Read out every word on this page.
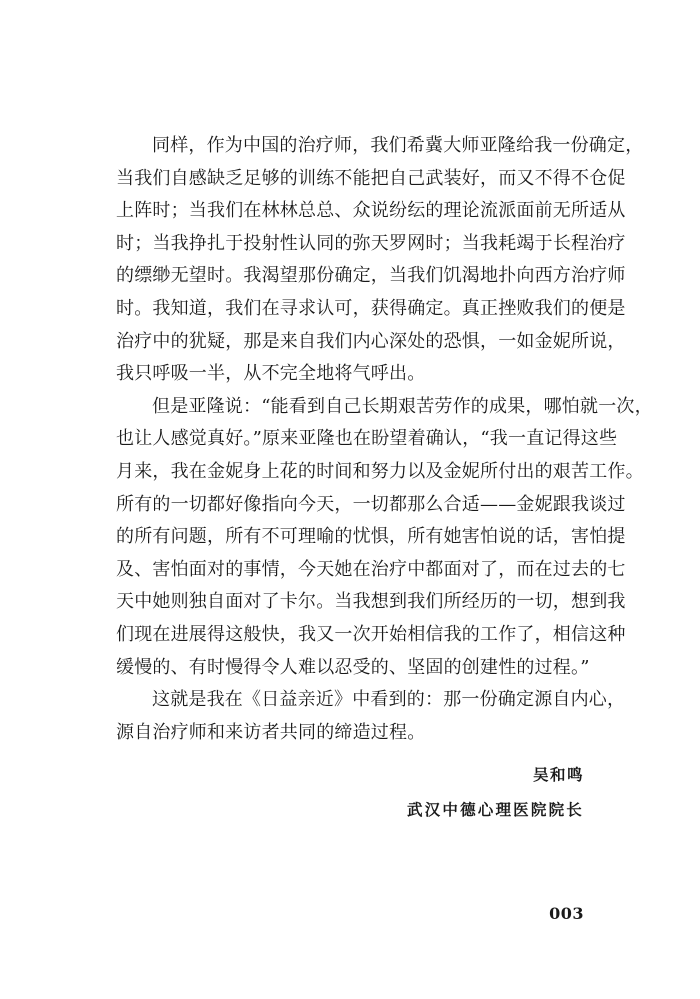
同样，作为中国的治疗师，我们希冀大师亚隆给我一份确定，
当我们自感缺乏足够的训练不能把自己武装好，而又不得不仓促
上阵时；当我们在林林总总、众说纷纭的理论流派面前无所适从
时；当我挣扎于投射性认同的弥天罗网时；当我耗竭于长程治疗
的缥缈无望时。我渴望那份确定，当我们饥渴地扑向西方治疗师
时。我知道，我们在寻求认可，获得确定。真正挫败我们的便是
治疗中的犹疑，那是来自我们内心深处的恐惧，一如金妮所说，
我只呼吸一半，从不完全地将气呼出。
但是亚隆说：“能看到自己长期艰苦劳作的成果，哪怕就一次，
也让人感觉真好。”原来亚隆也在盼望着确认，“我一直记得这些
月来，我在金妮身上花的时间和努力以及金妮所付出的艰苦工作。
所有的一切都好像指向今天，一切都那么合适——金妮跟我谈过
的所有问题，所有不可理喻的忧惧，所有她害怕说的话，害怕提
及、害怕面对的事情，今天她在治疗中都面对了，而在过去的七
天中她则独自面对了卡尔。当我想到我们所经历的一切，想到我
们现在进展得这般快，我又一次开始相信我的工作了，相信这种
缓慢的、有时慢得令人难以忍受的、坚固的创建性的过程。”
这就是我在《日益亲近》中看到的：那一份确定源自内心，
源自治疗师和来访者共同的缔造过程。
吴和鸣
武汉中德心理医院院长
003
